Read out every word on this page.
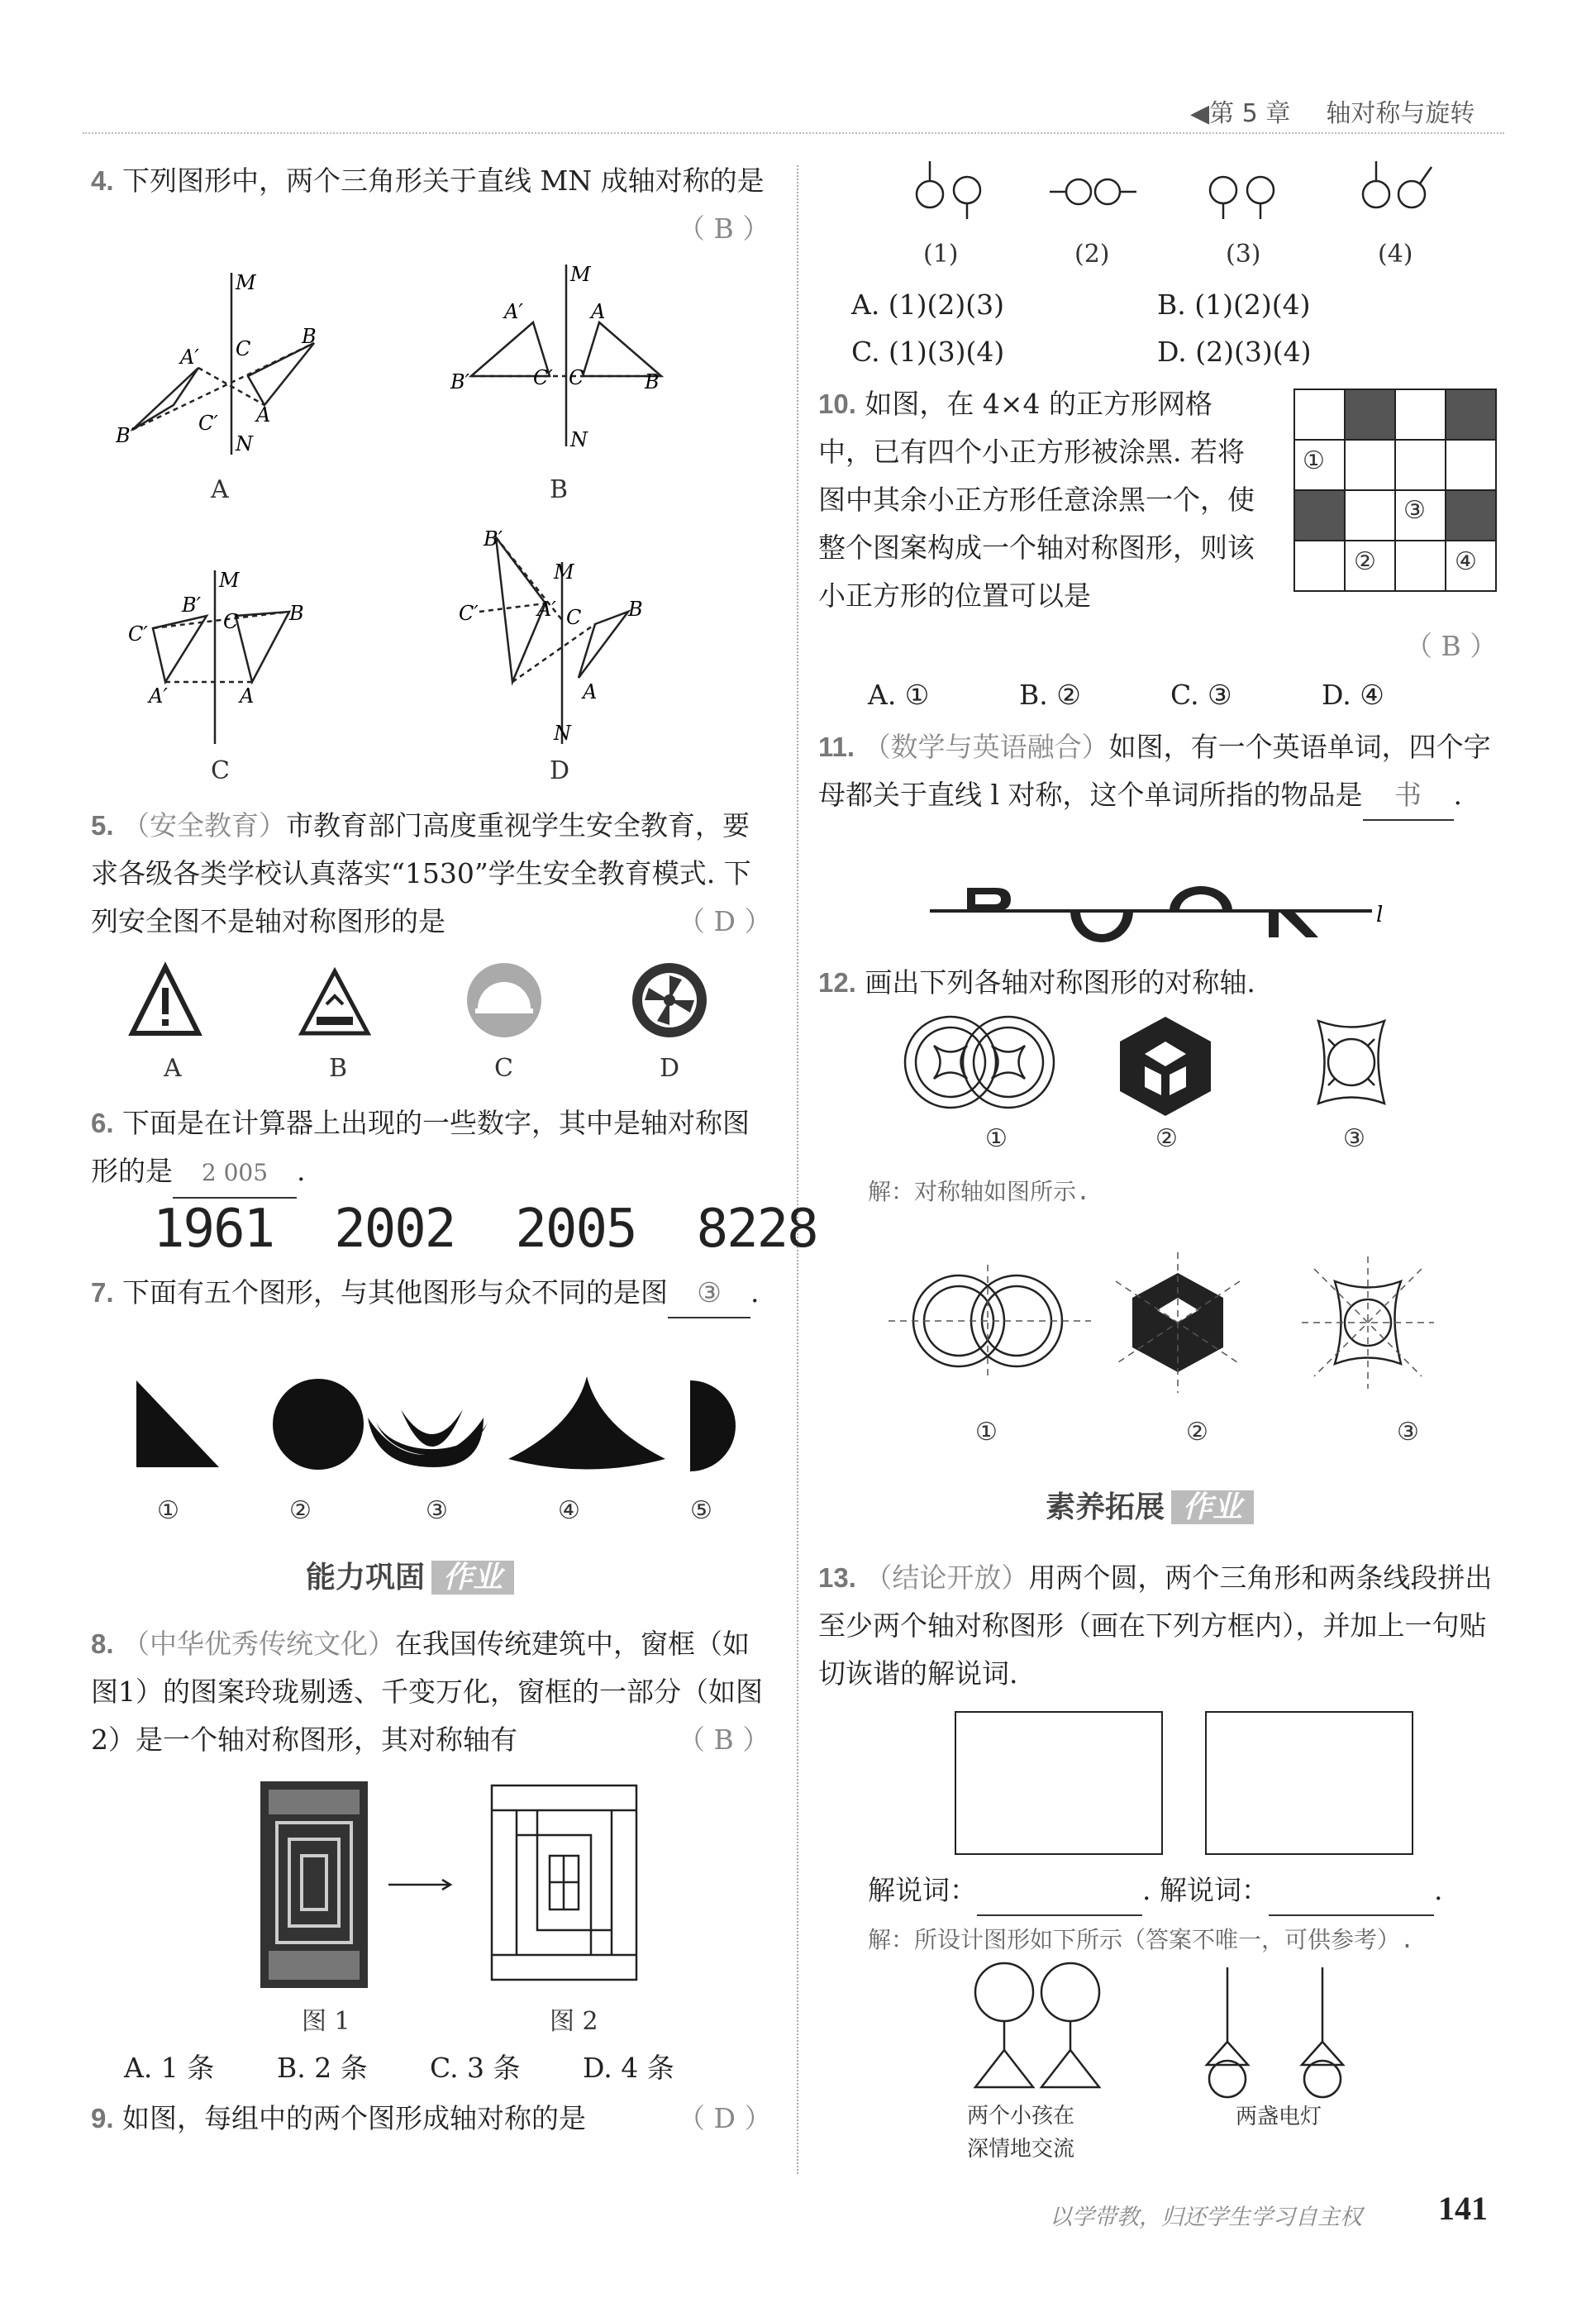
◀第 5 章 轴对称与旋转
4. 下列图形中，两个三角形关于直线 MN 成轴对称的是
（ B ）
M
N
A′ C
B
B′
C′ A
M
N
A′	A
B′	C′ C	B
M
B′
C	B
C′
A′	A
B′
M
C′	A′ C B
A
N
A	B
C	D
5. （安全教育）市教育部门高度重视学生安全教育，要求各级各类学校认真落实“1530”学生安全教育模式. 下列安全图不是轴对称图形的是	（ D ）
A	B	C	D
6. 下面是在计算器上出现的一些数字，其中是轴对称图形的是 2 005 .
1961 2002 2005 8228
7. 下面有五个图形，与其他图形与众不同的是图 ③ .
①	②	③	④	⑤
能力巩固 作业
8. （中华优秀传统文化）在我国传统建筑中，窗框（如图1）的图案玲珑剔透、千变万化，窗框的一部分（如图2）是一个轴对称图形，其对称轴有	（ B ）
图 1	图 2
A. 1 条 B. 2 条 C. 3 条 D. 4 条
9. 如图，每组中的两个图形成轴对称的是	（ D ）
(1)	(2)	(3)	(4)
A. (1)(2)(3)	B. (1)(2)(4)
C. (1)(3)(4)	D. (2)(3)(4)
10. 如图，在 4×4 的正方形网格中，已有四个小正方形被涂黑. 若将图中其余小正方形任意涂黑一个，使整个图案构成一个轴对称图形，则该小正方形的位置可以是
（ B ）
①
②
③
④
A. ①	B. ②	C. ③	D. ④
11. （数学与英语融合）如图，有一个英语单词，四个字母都关于直线 l 对称，这个单词所指的物品是 书 .
l
12. 画出下列各轴对称图形的对称轴.
①	②	③
解：对称轴如图所示.
①	②	③
素养拓展 作业
13. （结论开放）用两个圆，两个三角形和两条线段拼出至少两个轴对称图形（画在下列方框内），并加上一句贴切诙谐的解说词.
解说词：	. 解说词：	.
解：所设计图形如下所示（答案不唯一，可供参考）.
两个小孩在
深情地交流
两盏电灯
以学带教，归还学生学习自主权 141
